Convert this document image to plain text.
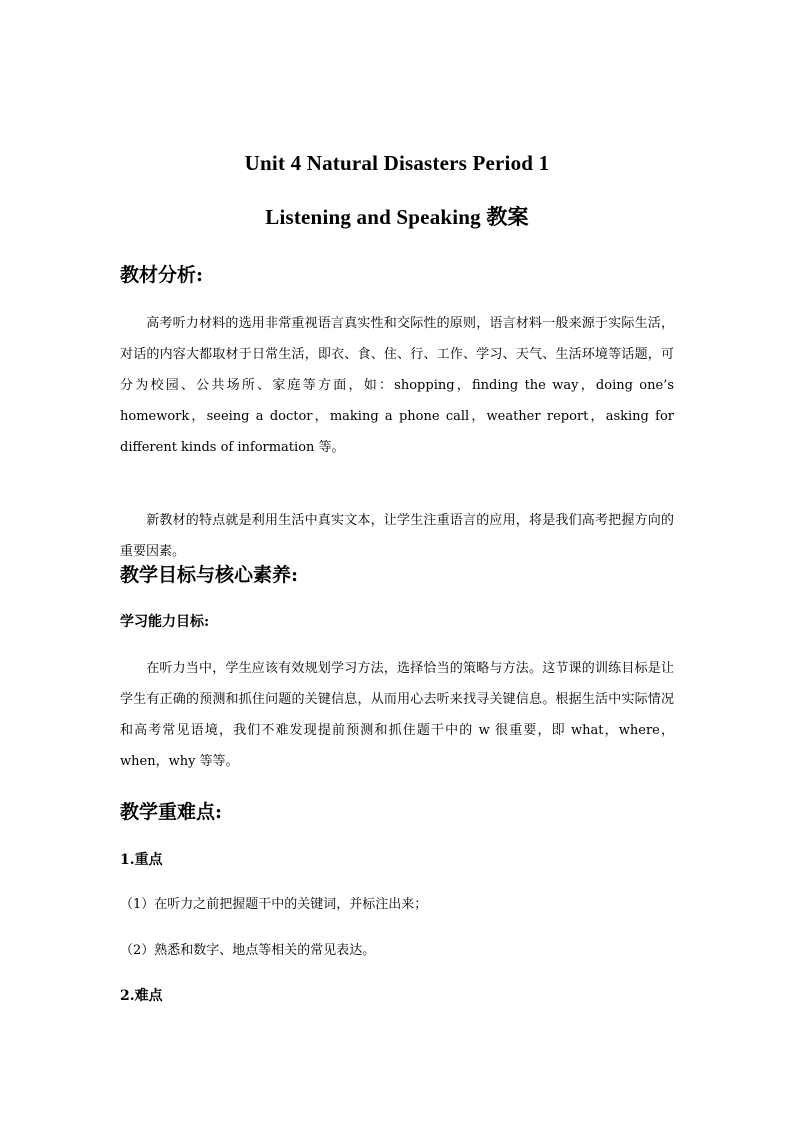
Unit 4 Natural Disasters Period 1
Listening and Speaking 教案
教材分析:
高考听力材料的选用非常重视语言真实性和交际性的原则，语言材料一般来源于实际生活，对话的内容大都取材于日常生活，即衣、食、住、行、工作、学习、天气、生活环境等话题，可分为校园、公共场所、家庭等方面，如：shopping，finding the way，doing one’s homework，seeing a doctor，making a phone call，weather report，asking for different kinds of information 等。
新教材的特点就是利用生活中真实文本，让学生注重语言的应用，将是我们高考把握方向的重要因素。
教学目标与核心素养:
学习能力目标:
在听力当中，学生应该有效规划学习方法，选择恰当的策略与方法。这节课的训练目标是让学生有正确的预测和抓住问题的关键信息，从而用心去听来找寻关键信息。根据生活中实际情况和高考常见语境，我们不难发现提前预测和抓住题干中的 w 很重要，即 what，where，when，why 等等。
教学重难点:
1.重点
（1）在听力之前把握题干中的关键词，并标注出来；
（2）熟悉和数字、地点等相关的常见表达。
2.难点
